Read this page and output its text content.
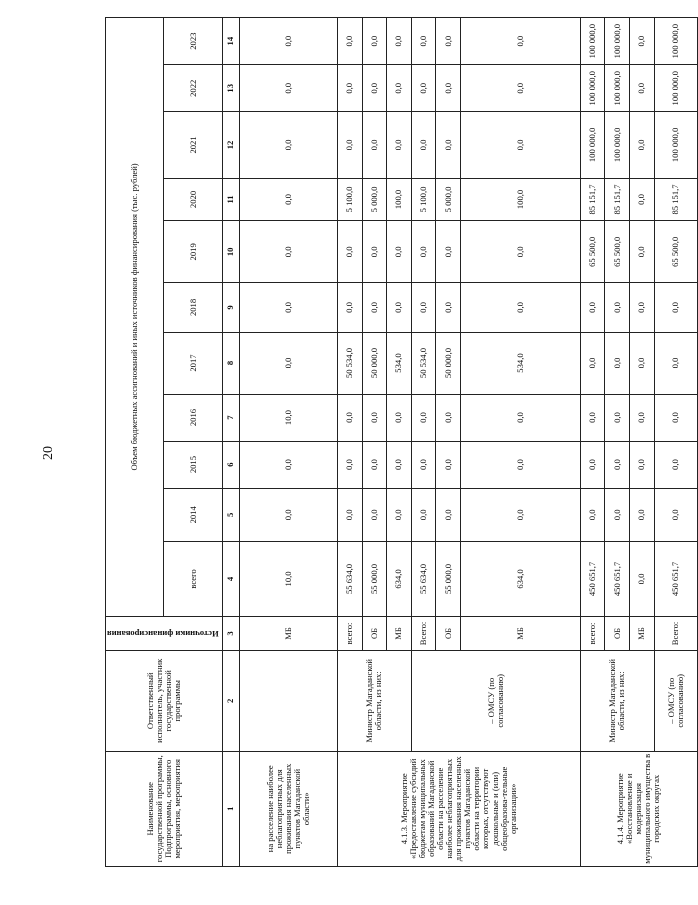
20
Наименование государственной программы, Подпрограммы, основного мероприятия, мероприятия	Ответственный исполнитель, участник государственной программы	Источники финансирования	Объем бюджетных ассигнований и иных источников финансирования (тыс. рублей)										
			всего	2014	2015	2016	2017	2018	2019	2020	2021	2022	2023
1	2	3	4	5	6	7	8	9	10	11	12	13	14
на расселение наиболее неблагоприятных для проживания населенных пунктов Магаданской области»		МБ	10,0	0,0	0,0	10,0	0,0	0,0	0,0	0,0	0,0	0,0	0,0
4.1.3. Мероприятие «Предоставление субсидий бюджетам муниципальных образований Магаданской области на расселение наиболее неблагоприятных для проживания населенных пунктов Магаданской области на территории которых, отсутствуют дошкольные и (или) общеобразова-тельные организации»	Министр Магаданской области, из них:	всего:	55 634,0	0,0	0,0	0,0	50 534,0	0,0	0,0	5 100,0	0,0	0,0	0,0
		ОБ	55 000,0	0,0	0,0	0,0	50 000,0	0,0	0,0	5 000,0	0,0	0,0	0,0
		МБ	634,0	0,0	0,0	0,0	534,0	0,0	0,0	100,0	0,0	0,0	0,0
	– ОМСУ (по согласованию)	Всего:	55 634,0	0,0	0,0	0,0	50 534,0	0,0	0,0	5 100,0	0,0	0,0	0,0
		ОБ	55 000,0	0,0	0,0	0,0	50 000,0	0,0	0,0	5 000,0	0,0	0,0	0,0
		МБ	634,0	0,0	0,0	0,0	534,0	0,0	0,0	100,0	0,0	0,0	0,0
4.1.4. Мероприятие «Восстановление и модернизация муниципального имущества в городских округах	Министр Магаданской области, из них:	всего:	450 651,7	0,0	0,0	0,0	0,0	0,0	65 500,0	85 151,7	100 000,0	100 000,0	100 000,0
		ОБ	450 651,7	0,0	0,0	0,0	0,0	0,0	65 500,0	85 151,7	100 000,0	100 000,0	100 000,0
		МБ	0,0	0,0	0,0	0,0	0,0	0,0	0,0	0,0	0,0	0,0	0,0
	– ОМСУ (по согласованию)	Всего:	450 651,7	0,0	0,0	0,0	0,0	0,0	65 500,0	85 151,7	100 000,0	100 000,0	100 000,0
